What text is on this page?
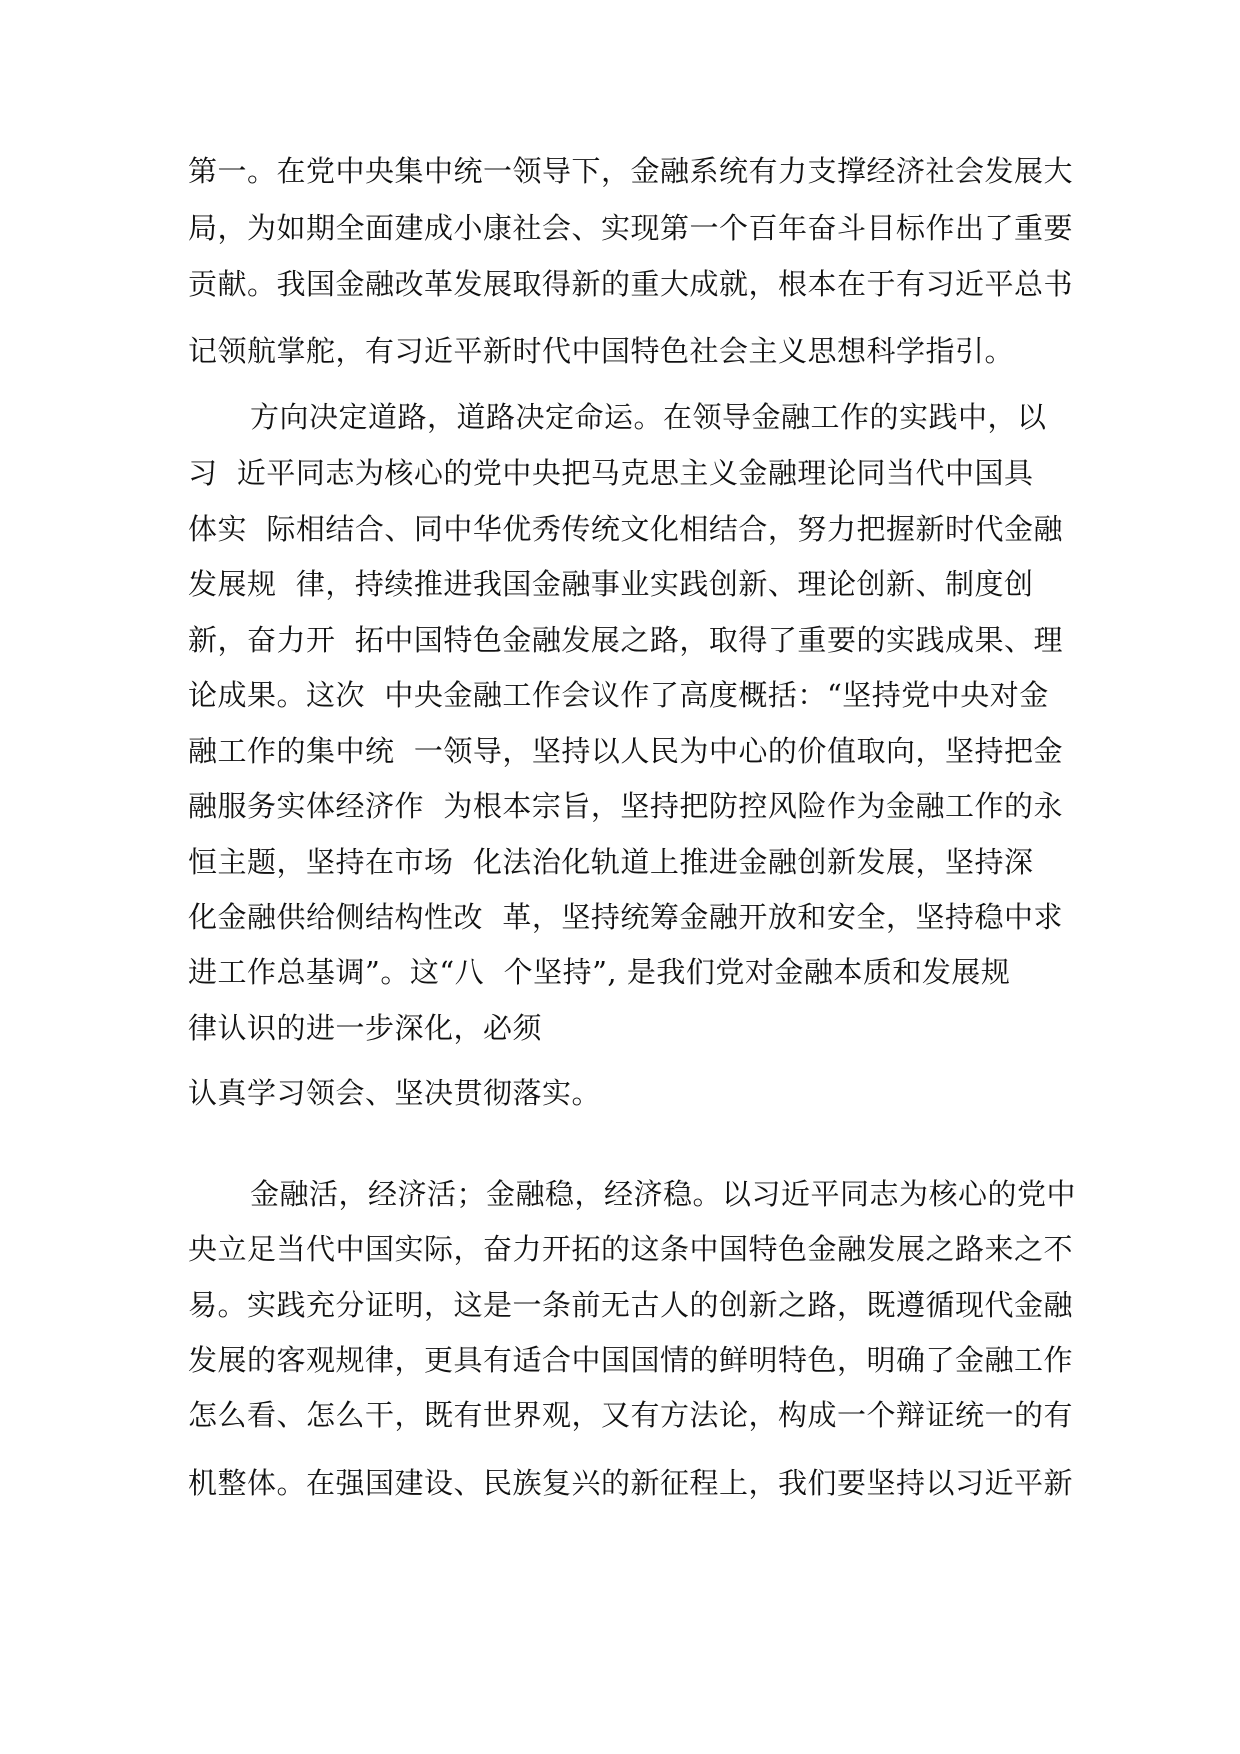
第一。在党中央集中统一领导下，金融系统有力支撑经济社会发展大
局，为如期全面建成小康社会、实现第一个百年奋斗目标作出了重要
贡献。我国金融改革发展取得新的重大成就，根本在于有习近平总书
记领航掌舵，有习近平新时代中国特色社会主义思想科学指引。
方向决定道路，道路决定命运。在领导金融工作的实践中，以
习  近平同志为核心的党中央把马克思主义金融理论同当代中国具
体实  际相结合、同中华优秀传统文化相结合，努力把握新时代金融
发展规  律，持续推进我国金融事业实践创新、理论创新、制度创
新，奋力开  拓中国特色金融发展之路，取得了重要的实践成果、理
论成果。这次  中央金融工作会议作了高度概括：“坚持党中央对金
融工作的集中统  一领导，坚持以人民为中心的价值取向，坚持把金
融服务实体经济作  为根本宗旨，坚持把防控风险作为金融工作的永
恒主题，坚持在市场  化法治化轨道上推进金融创新发展，坚持深
化金融供给侧结构性改  革，坚持统筹金融开放和安全，坚持稳中求
进工作总基调”。这“八  个坚持”, 是我们党对金融本质和发展规
律认识的进一步深化，必须
认真学习领会、坚决贯彻落实。
金融活，经济活；金融稳，经济稳。以习近平同志为核心的党中
央立足当代中国实际，奋力开拓的这条中国特色金融发展之路来之不
易。实践充分证明，这是一条前无古人的创新之路，既遵循现代金融
发展的客观规律，更具有适合中国国情的鲜明特色，明确了金融工作
怎么看、怎么干，既有世界观，又有方法论，构成一个辩证统一的有
机整体。在强国建设、民族复兴的新征程上，我们要坚持以习近平新
